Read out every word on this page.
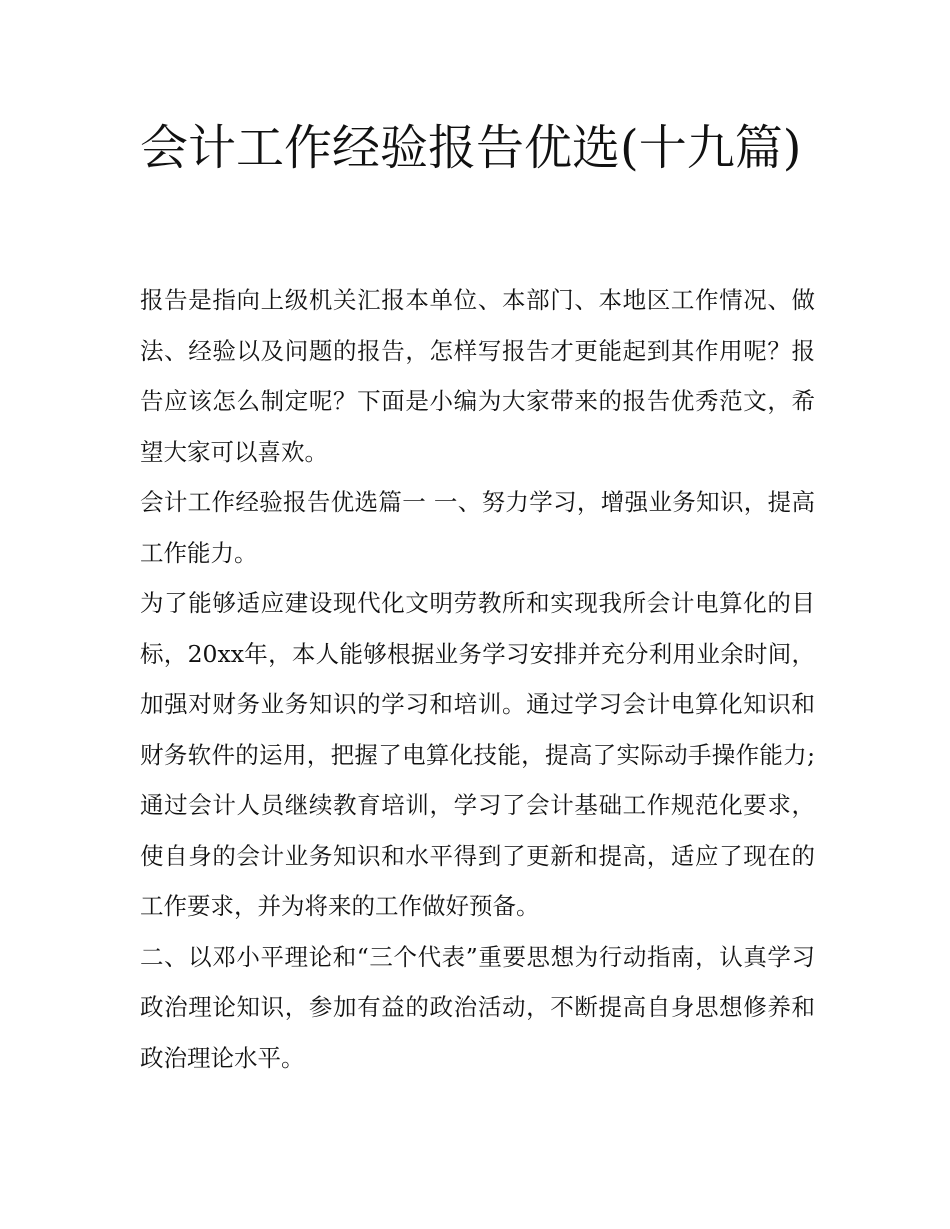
会计工作经验报告优选(十九篇)

报告是指向上级机关汇报本单位、本部门、本地区工作情况、做法、经验以及问题的报告，怎样写报告才更能起到其作用呢？报告应该怎么制定呢？下面是小编为大家带来的报告优秀范文，希望大家可以喜欢。

会计工作经验报告优选篇一 一、努力学习，增强业务知识，提高工作能力。

为了能够适应建设现代化文明劳教所和实现我所会计电算化的目标，20xx年，本人能够根据业务学习安排并充分利用业余时间，加强对财务业务知识的学习和培训。通过学习会计电算化知识和财务软件的运用，把握了电算化技能，提高了实际动手操作能力;通过会计人员继续教育培训，学习了会计基础工作规范化要求，使自身的会计业务知识和水平得到了更新和提高，适应了现在的工作要求，并为将来的工作做好预备。

二、以邓小平理论和“三个代表”重要思想为行动指南，认真学习政治理论知识，参加有益的政治活动，不断提高自身思想修养和政治理论水平。
